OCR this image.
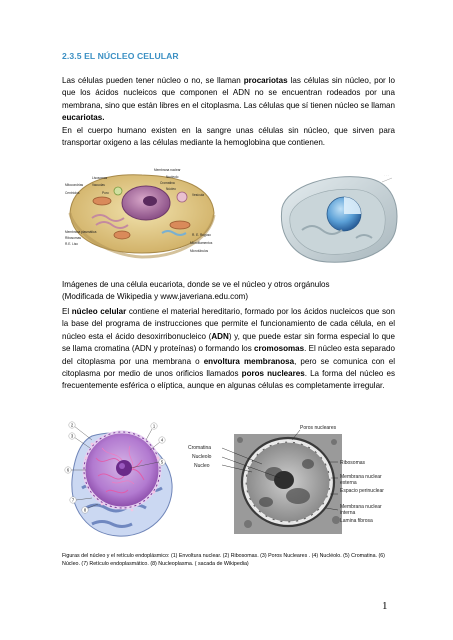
2.3.5 EL NÚCLEO CELULAR

Las células pueden tener núcleo o no, se llaman procariotas las células sin núcleo, por lo que los ácidos nucleicos que componen el ADN no se encuentran rodeados por una membrana, sino que están libres en el citoplasma. Las células que sí tienen núcleo se llaman eucariotas.
En el cuerpo humano existen en la sangre unas células sin núcleo, que sirven para transportar oxigeno a las células mediante la hemoglobina que contienen.

Mitocondrias
Lisosomas
Vacuolas
Membrana nuclear
Nucleolo
Cromatina
Núcleo
Centríolos	Poro	Vesícula
Membrana plasmática
Ribosomas
R.E. Liso
R. E. Rugoso
Microfilamentos
Microtúbulos
· · ·

Imágenes de una célula eucariota, donde se ve el núcleo y otros orgánulos
(Modificada de Wikipedia y www.javeriana.edu.com)

El núcleo celular contiene el material hereditario, formado por los ácidos nucleicos que son la base del programa de instrucciones que permite el funcionamiento de cada célula, en el núcleo esta el ácido desoxirribonucleico (ADN) y, que puede estar sin forma especial lo que se llama cromatina (ADN y proteínas) o formando los cromosomas. El núcleo esta separado del citoplasma por una membrana o envoltura membranosa, pero se comunica con el citoplasma por medio de unos orificios llamados poros nucleares. La forma del núcleo es frecuentemente esférica o elíptica, aunque en algunas células es completamente irregular.

2
3
1
4
5
6
7
8
Cromatina
Nucleolo
Nucleo
Poros nucleares
Ribosomas
Membrana nuclear
externa
Espacio perinuclear
Membrana nuclear
interna
Lamina fibrosa

Figuras del núcleo y el retículo endoplásmico: (1) Envoltura nuclear. (2) Ribosomas. (3) Poros Nucleares . (4) Nucléolo. (5) Cromatina. (6) Núcleo. (7) Retículo endoplasmático. (8) Nucleoplasma. ( sacada de Wikipedia)

1
